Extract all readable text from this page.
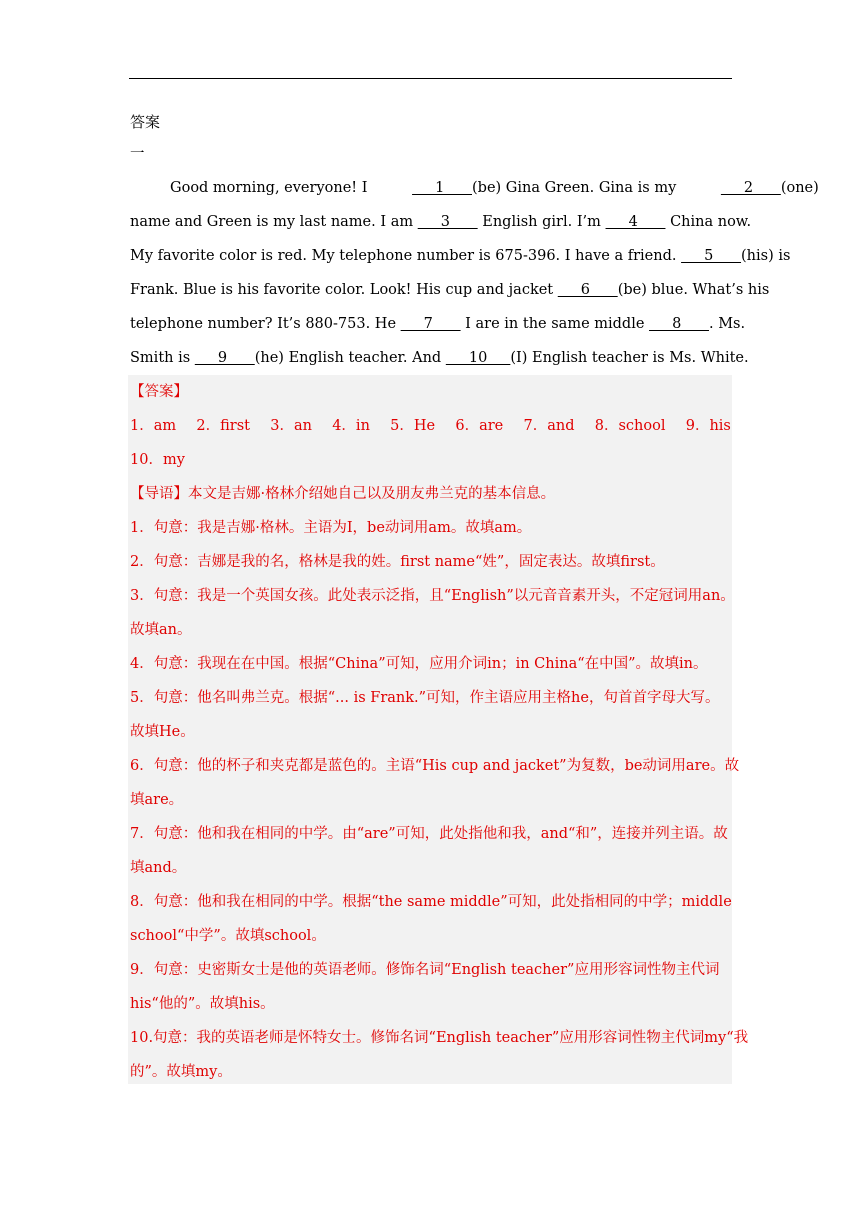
答案
一
Good morning, everyone! I	1      (be) Gina Green. Gina is my	2      (one)
name and Green is my last name. I am      3       English girl. I’m      4       China now.
My favorite color is red. My telephone number is 675-396. I have a friend.      5      (his) is
Frank. Blue is his favorite color. Look! His cup and jacket      6      (be) blue. What’s his
telephone number? It’s 880-753. He      7       I are in the same middle      8      . Ms.
Smith is      9      (he) English teacher. And      10     (I) English teacher is Ms. White.
【答案】
1．am 2．first 3．an 4．in 5．He 6．are 7．and 8．school 9．his
10．my
【导语】本文是吉娜·格林介绍她自己以及朋友弗兰克的基本信息。
1．句意：我是吉娜·格林。主语为I，be动词用am。故填am。
2．句意：吉娜是我的名，格林是我的姓。first name“姓”，固定表达。故填first。
3．句意：我是一个英国女孩。此处表示泛指，且“English”以元音音素开头，不定冠词用an。
故填an。
4．句意：我现在在中国。根据“China”可知，应用介词in；in China“在中国”。故填in。
5．句意：他名叫弗兰克。根据“... is Frank.”可知，作主语应用主格he，句首首字母大写。
故填He。
6．句意：他的杯子和夹克都是蓝色的。主语“His cup and jacket”为复数，be动词用are。故
填are。
7．句意：他和我在相同的中学。由“are”可知，此处指他和我，and“和”，连接并列主语。故
填and。
8．句意：他和我在相同的中学。根据“the same middle”可知，此处指相同的中学；middle
school“中学”。故填school。
9．句意：史密斯女士是他的英语老师。修饰名词“English teacher”应用形容词性物主代词
his“他的”。故填his。
10.句意：我的英语老师是怀特女士。修饰名词“English teacher”应用形容词性物主代词my“我
的”。故填my。
